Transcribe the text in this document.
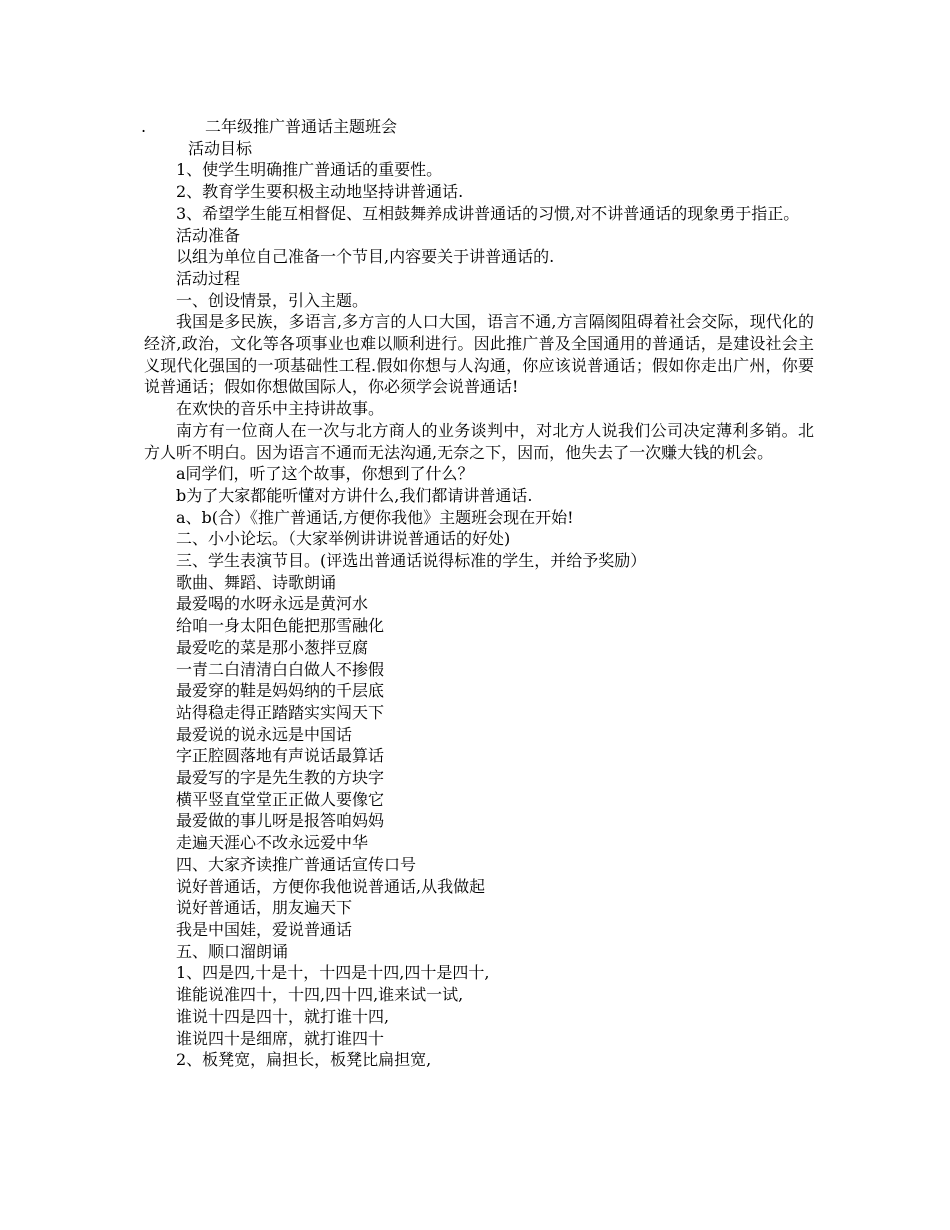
.	二年级推广普通话主题班会

活动目标

1、使学生明确推广普通话的重要性。

2、教育学生要积极主动地坚持讲普通话.

3、希望学生能互相督促、互相鼓舞养成讲普通话的习惯,对不讲普通话的现象勇于指正。

活动准备

以组为单位自己准备一个节目,内容要关于讲普通话的.

活动过程

一、创设情景，引入主题。

我国是多民族，多语言,多方言的人口大国，语言不通,方言隔阂阻碍着社会交际，现代化的经济,政治，文化等各项事业也难以顺利进行。因此推广普及全国通用的普通话，是建设社会主义现代化强国的一项基础性工程.假如你想与人沟通，你应该说普通话；假如你走出广州，你要说普通话；假如你想做国际人，你必须学会说普通话!

在欢快的音乐中主持讲故事。

南方有一位商人在一次与北方商人的业务谈判中，对北方人说我们公司决定薄利多销。北方人听不明白。因为语言不通而无法沟通,无奈之下，因而，他失去了一次赚大钱的机会。

a同学们，听了这个故事，你想到了什么？

b为了大家都能听懂对方讲什么,我们都请讲普通话.

a、b(合）《推广普通话,方便你我他》主题班会现在开始!

二、小小论坛。（大家举例讲讲说普通话的好处)

三、学生表演节目。(评选出普通话说得标准的学生，并给予奖励）

歌曲、舞蹈、诗歌朗诵

最爱喝的水呀永远是黄河水

给咱一身太阳色能把那雪融化

最爱吃的菜是那小葱拌豆腐

一青二白清清白白做人不掺假

最爱穿的鞋是妈妈纳的千层底

站得稳走得正踏踏实实闯天下

最爱说的说永远是中国话

字正腔圆落地有声说话最算话

最爱写的字是先生教的方块字

横平竖直堂堂正正做人要像它

最爱做的事儿呀是报答咱妈妈

走遍天涯心不改永远爱中华

四、大家齐读推广普通话宣传口号

说好普通话，方便你我他说普通话,从我做起

说好普通话，朋友遍天下

我是中国娃，爱说普通话

五、顺口溜朗诵

1、四是四,十是十，十四是十四,四十是四十,

谁能说准四十，十四,四十四,谁来试一试,

谁说十四是四十，就打谁十四,

谁说四十是细席，就打谁四十

2、板凳宽，扁担长，板凳比扁担宽,
